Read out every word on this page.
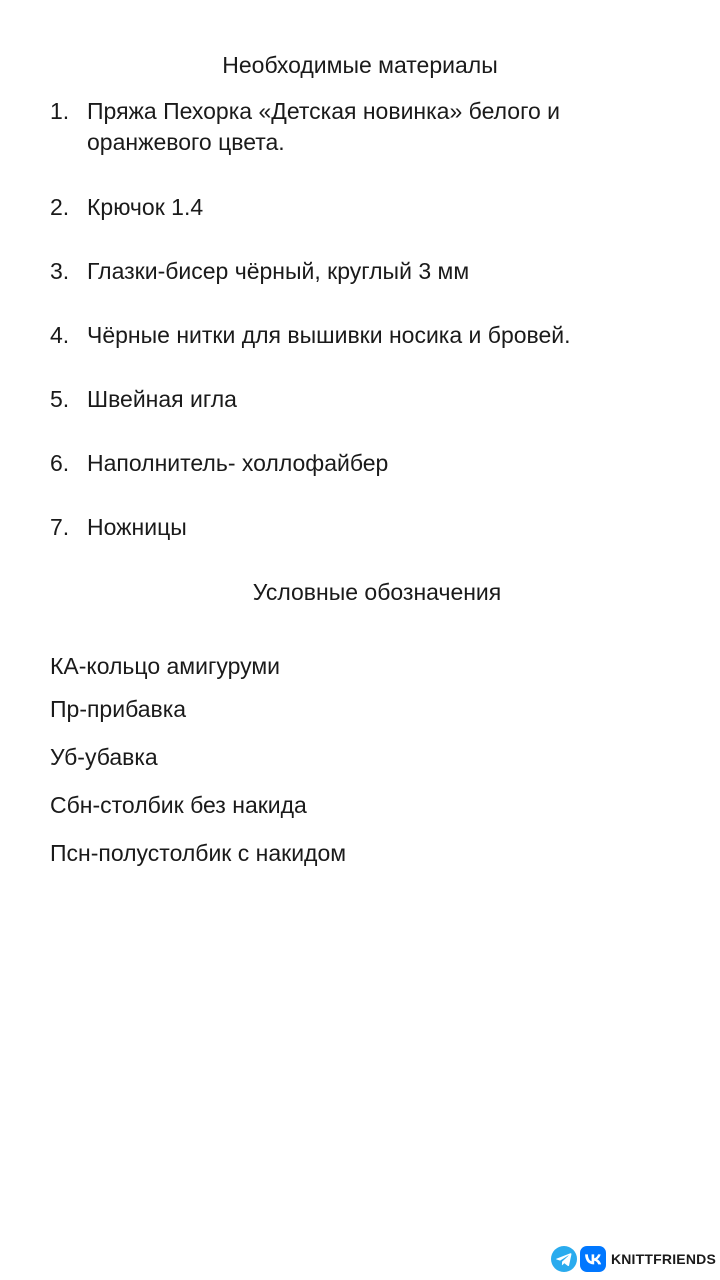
Необходимые материалы
1. Пряжа Пехорка «Детская новинка» белого и оранжевого цвета.
2. Крючок 1.4
3. Глазки-бисер чёрный, круглый 3 мм
4. Чёрные нитки для вышивки носика и бровей.
5. Швейная игла
6. Наполнитель- холлофайбер
7. Ножницы
Условные обозначения
КА-кольцо амигуруми
Пр-прибавка
Уб-убавка
Сбн-столбик без накида
Псн-полустолбик с накидом
KNITTFRIENDS
